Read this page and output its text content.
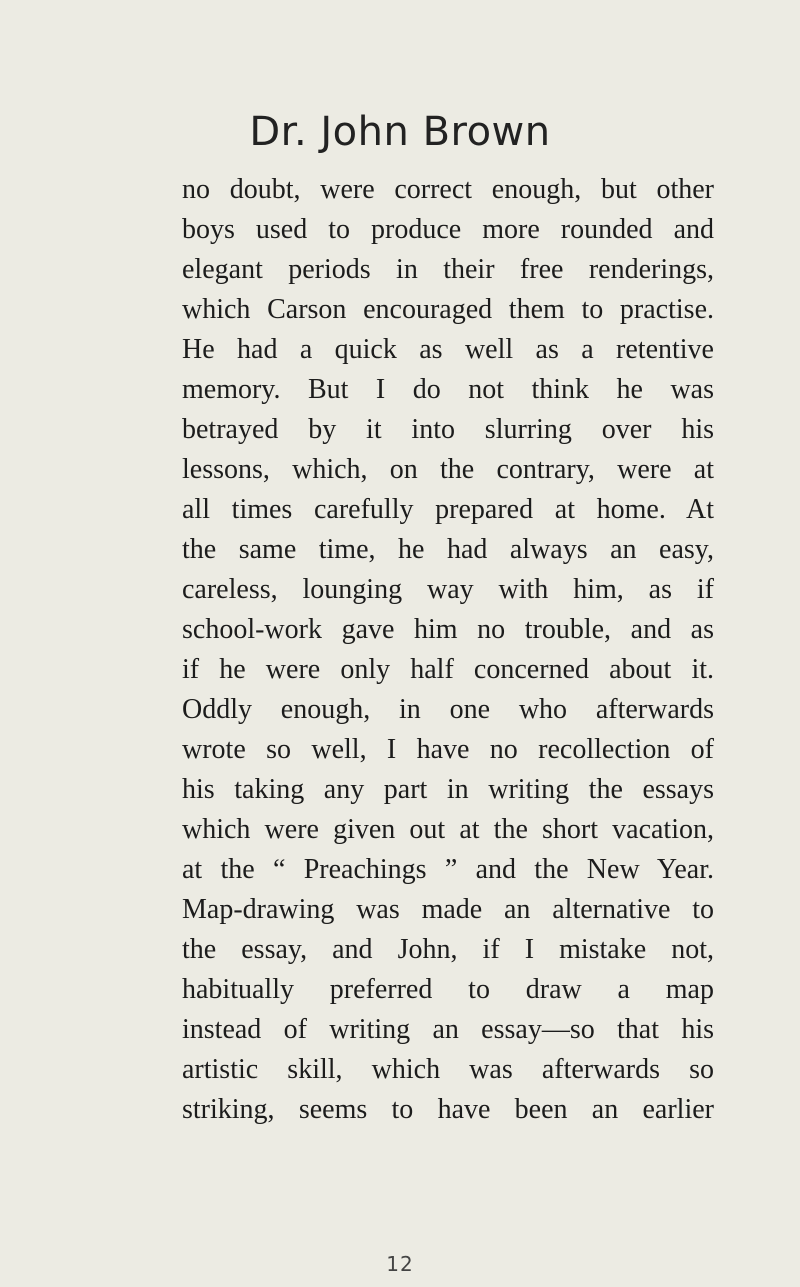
Dr. John Brown
no doubt, were correct enough, but other
boys used to produce more rounded and
elegant periods in their free renderings,
which Carson encouraged them to practise.
He had a quick as well as a retentive
memory. But I do not think he was
betrayed by it into slurring over his
lessons, which, on the contrary, were at
all times carefully prepared at home. At
the same time, he had always an easy,
careless, lounging way with him, as if
school-work gave him no trouble, and as
if he were only half concerned about it.
Oddly enough, in one who afterwards
wrote so well, I have no recollection of
his taking any part in writing the essays
which were given out at the short vacation,
at the “ Preachings ” and the New Year.
Map-drawing was made an alternative to
the essay, and John, if I mistake not,
habitually preferred to draw a map
instead of writing an essay—so that his
artistic skill, which was afterwards so
striking, seems to have been an earlier
12
